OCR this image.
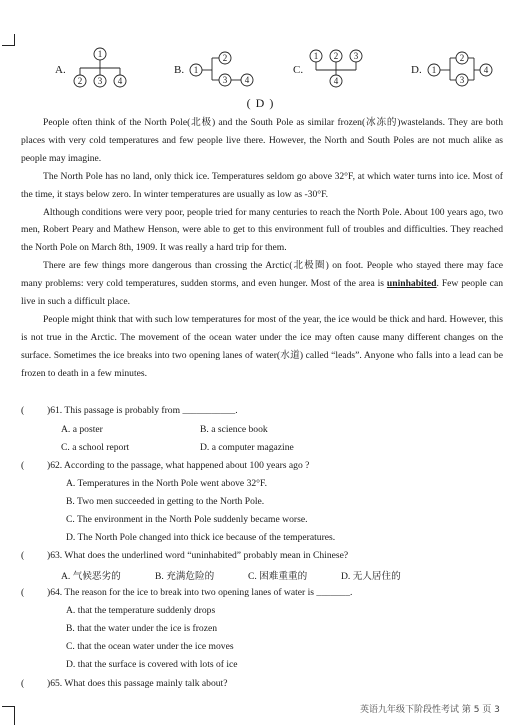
A.	B.	C.	D.
1
2 3 4
1
2
3 4
1 2 3
4
1
2
3
4
( D )

People often think of the North Pole(北极) and the South Pole as similar frozen(冰冻的)wastelands. They are both places with very cold temperatures and few people live there. However, the North and South Poles are not much alike as people may imagine.

The North Pole has no land, only thick ice. Temperatures seldom go above 32°F, at which water turns into ice. Most of the time, it stays below zero. In winter temperatures are usually as low as -30°F.

Although conditions were very poor, people tried for many centuries to reach the North Pole. About 100 years ago, two men, Robert Peary and Mathew Henson, were able to get to this environment full of troubles and difficulties. They reached the North Pole on March 8th, 1909. It was really a hard trip for them.

There are few things more dangerous than crossing the Arctic(北极圈) on foot. People who stayed there may face many problems: very cold temperatures, sudden storms, and even hunger. Most of the area is uninhabited. Few people can live in such a difficult place.

People might think that with such low temperatures for most of the year, the ice would be thick and hard. However, this is not true in the Arctic. The movement of the ocean water under the ice may often cause many different changes on the surface. Sometimes the ice breaks into two opening lanes of water(水道) called “leads”. Anyone who falls into a lead can be frozen to death in a few minutes.

( )61. This passage is probably from ___________.
A. a poster	B. a science book
C. a school report	D. a computer magazine
( )62. According to the passage, what happened about 100 years ago ?
A. Temperatures in the North Pole went above 32°F.
B. Two men succeeded in getting to the North Pole.
C. The environment in the North Pole suddenly became worse.
D. The North Pole changed into thick ice because of the temperatures.
( )63. What does the underlined word “uninhabited” probably mean in Chinese?
A. 气候恶劣的	B. 充满危险的	C. 困难重重的	D. 无人居住的
( )64. The reason for the ice to break into two opening lanes of water is _______.
A. that the temperature suddenly drops
B. that the water under the ice is frozen
C. that the ocean water under the ice moves
D. that the surface is covered with lots of ice
( )65. What does this passage mainly talk about?
英语九年级下阶段性考试 第 5 页 3
